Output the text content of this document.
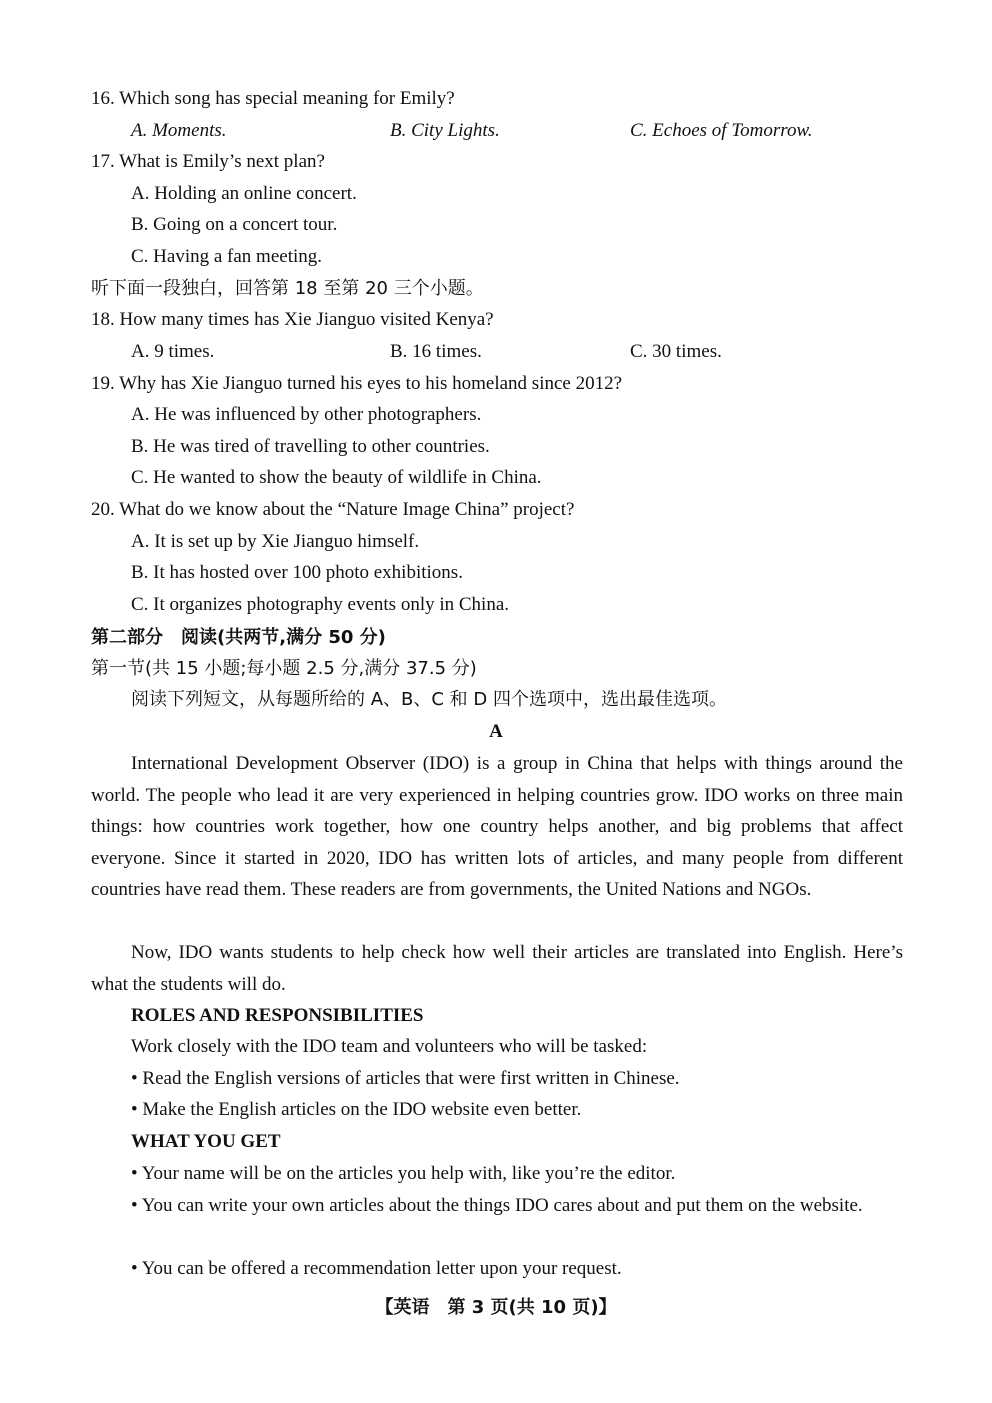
16. Which song has special meaning for Emily?
A. Moments.	B. City Lights.	C. Echoes of Tomorrow.
17. What is Emily’s next plan?
A. Holding an online concert.
B. Going on a concert tour.
C. Having a fan meeting.
听下面一段独白，回答第 18 至第 20 三个小题。
18. How many times has Xie Jianguo visited Kenya?
A. 9 times.	B. 16 times.	C. 30 times.
19. Why has Xie Jianguo turned his eyes to his homeland since 2012?
A. He was influenced by other photographers.
B. He was tired of travelling to other countries.
C. He wanted to show the beauty of wildlife in China.
20. What do we know about the “Nature Image China” project?
A. It is set up by Xie Jianguo himself.
B. It has hosted over 100 photo exhibitions.
C. It organizes photography events only in China.
第二部分　阅读(共两节,满分 50 分)
第一节(共 15 小题;每小题 2.5 分,满分 37.5 分)
阅读下列短文，从每题所给的 A、B、C 和 D 四个选项中，选出最佳选项。
A
International Development Observer (IDO) is a group in China that helps with things around the world. The people who lead it are very experienced in helping countries grow. IDO works on three main things: how countries work together, how one country helps another, and big problems that affect everyone. Since it started in 2020, IDO has written lots of articles, and many people from different countries have read them. These readers are from governments, the United Nations and NGOs.
Now, IDO wants students to help check how well their articles are translated into English. Here’s what the students will do.
ROLES AND RESPONSIBILITIES
Work closely with the IDO team and volunteers who will be tasked:
• Read the English versions of articles that were first written in Chinese.
• Make the English articles on the IDO website even better.
WHAT YOU GET
• Your name will be on the articles you help with, like you’re the editor.
• You can write your own articles about the things IDO cares about and put them on the website.
• You can be offered a recommendation letter upon your request.
【英语　第 3 页(共 10 页)】
